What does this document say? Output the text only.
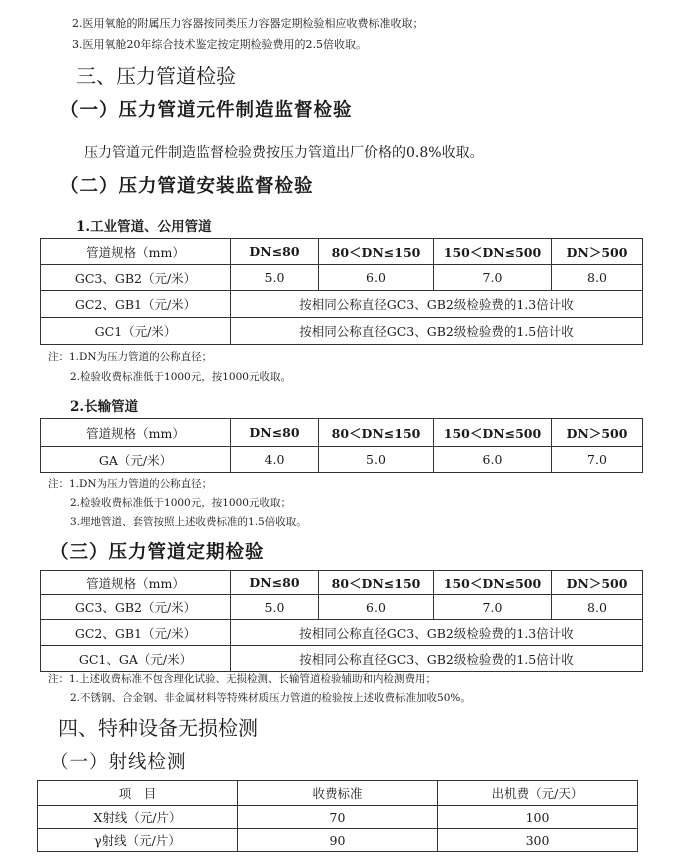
2.医用氧舱的附属压力容器按同类压力容器定期检验相应收费标准收取；
3.医用氧舱20年综合技术鉴定按定期检验费用的2.5倍收取。
三、压力管道检验
（一）压力管道元件制造监督检验
压力管道元件制造监督检验费按压力管道出厂价格的0.8%收取。
（二）压力管道安装监督检验
1.工业管道、公用管道
管道规格（mm）	DN≤80	80＜DN≤150	150＜DN≤500	DN＞500
GC3、GB2（元/米）	5.0	6.0	7.0	8.0
GC2、GB1（元/米）	按相同公称直径GC3、GB2级检验费的1.3倍计收			
GC1（元/米）	按相同公称直径GC3、GB2级检验费的1.5倍计收			
注：1.DN为压力管道的公称直径；
2.检验收费标准低于1000元，按1000元收取。
2.长输管道
管道规格（mm）	DN≤80	80＜DN≤150	150＜DN≤500	DN＞500
GA（元/米）	4.0	5.0	6.0	7.0
注：1.DN为压力管道的公称直径；
2.检验收费标准低于1000元，按1000元收取；
3.埋地管道、套管按照上述收费标准的1.5倍收取。
（三）压力管道定期检验
管道规格（mm）	DN≤80	80＜DN≤150	150＜DN≤500	DN＞500
GC3、GB2（元/米）	5.0	6.0	7.0	8.0
GC2、GB1（元/米）	按相同公称直径GC3、GB2级检验费的1.3倍计收			
GC1、GA（元/米）	按相同公称直径GC3、GB2级检验费的1.5倍计收			
注：1.上述收费标准不包含理化试验、无损检测、长输管道检验辅助和内检测费用；
2.不锈钢、合金钢、非金属材料等特殊材质压力管道的检验按上述收费标准加收50%。
四、特种设备无损检测
（一）射线检测
项　目	收费标准	出机费（元/天）
X射线（元/片）	70	100
γ射线（元/片）	90	300
